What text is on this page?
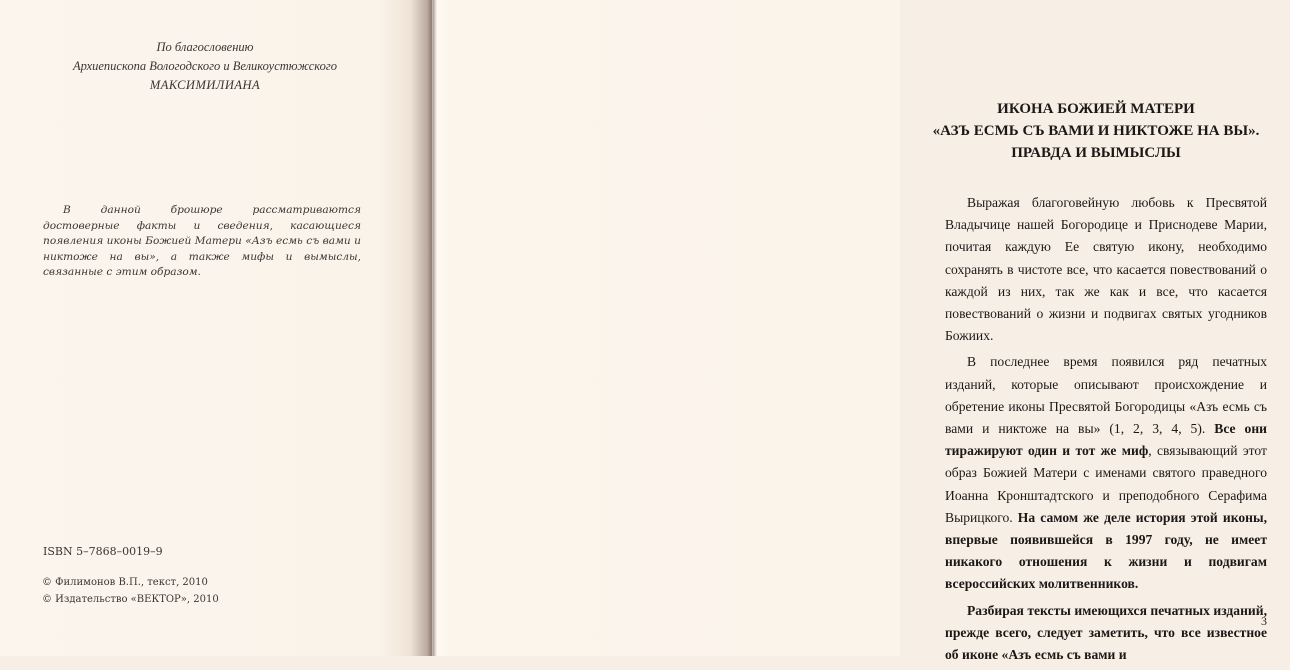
По благословению
Архиепископа Вологодского и Великоустюжского
МАКСИМИЛИАНА
В данной брошюре рассматриваются достоверные факты и сведения, касающиеся появления иконы Божией Матери «Азъ есмь съ вами и никтоже на вы», а также мифы и вымыслы, связанные с этим образом.
ISBN 5–7868–0019–9
© Филимонов В.П., текст, 2010
© Издательство «ВЕКТОР», 2010
ИКОНА БОЖИЕЙ МАТЕРИ
«АЗЪ ЕСМЬ СЪ ВАМИ И НИКТОЖЕ НА ВЫ».
ПРАВДА И ВЫМЫСЛЫ

Выражая благоговейную любовь к Пресвятой Владычице нашей Богородице и Приснодеве Марии, почитая каждую Ее святую икону, необходимо сохранять в чистоте все, что касается повествований о каждой из них, так же как и все, что касается повествований о жизни и подвигах святых угодников Божиих.

В последнее время появился ряд печатных изданий, которые описывают происхождение и обретение иконы Пресвятой Богородицы «Азъ есмь съ вами и никтоже на вы» (1, 2, 3, 4, 5). Все они тиражируют один и тот же миф, связывающий этот образ Божией Матери с именами святого праведного Иоанна Кронштадтского и преподобного Серафима Вырицкого. На самом же деле история этой иконы, впервые появившейся в 1997 году, не имеет никакого отношения к жизни и подвигам всероссийских молитвенников.

Разбирая тексты имеющихся печатных изданий, прежде всего, следует заметить, что все известное об иконе «Азъ есмь съ вами и

3
